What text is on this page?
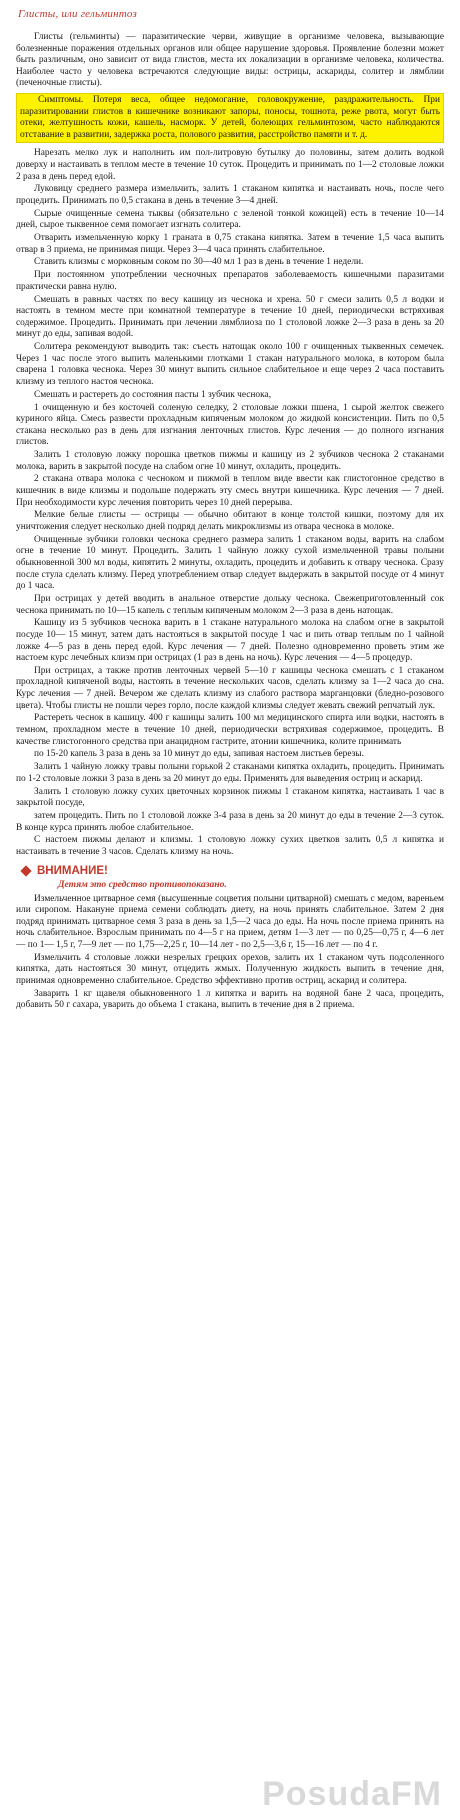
Глисты, или гельминтоз

Глисты (гельминты) — паразитические черви, живущие в организме человека, вызывающие болезненные поражения отдельных органов или общее нарушение здоровья. Проявление болезни может быть различным, оно зависит от вида глистов, места их локализации в организме человека, количества. Наиболее часто у человека встречаются следующие виды: острицы, аскариды, солитер и лямблии (печеночные глисты).

Симптомы. Потеря веса, общее недомогание, головокружение, раздражительность. При паразитировании глистов в кишечнике возникают запоры, поносы, тошнота, реже рвота, могут быть отеки, желтушность кожи, кашель, насморк. У детей, болеющих гельминтозом, часто наблюдаются отставание в развитии, задержка роста, полового развития, расстройство памяти и т. д.

Нарезать мелко лук и наполнить им пол-литровую бутылку до половины, затем долить водкой доверху и настаивать в теплом месте в течение 10 суток. Процедить и принимать по 1—2 столовые ложки 2 раза в день перед едой.

Луковицу среднего размера измельчить, залить 1 стаканом кипятка и настаивать ночь, после чего процедить. Принимать по 0,5 стакана в день в течение 3—4 дней.

Сырые очищенные семена тыквы (обязательно с зеленой тонкой кожицей) есть в течение 10—14 дней, сырое тыквенное семя помогает изгнать солитера.

Отварить измельченную корку 1 граната в 0,75 стакана кипятка. Затем в течение 1,5 часа выпить отвар в 3 приема, не принимая пищи. Через 3—4 часа принять слабительное.

Ставить клизмы с морковным соком по 30—40 мл 1 раз в день в течение 1 недели.

При постоянном употреблении чесночных препаратов заболеваемость кишечными паразитами практически равна нулю.

Смешать в равных частях по весу кашицу из чеснока и хрена. 50 г смеси залить 0,5 л водки и настоять в темном месте при комнатной температуре в течение 10 дней, периодически встряхивая содержимое. Процедить. Принимать при лечении лямблиоза по 1 столовой ложке 2—3 раза в день за 20 минут до еды, запивая водой.

Солитера рекомендуют выводить так: съесть натощак около 100 г очищенных тыквенных семечек. Через 1 час после этого выпить маленькими глотками 1 стакан натурального молока, в котором была сварена 1 головка чеснока. Через 30 минут выпить сильное слабительное и еще через 2 часа поставить клизму из теплого настоя чеснока.

Смешать и растереть до состояния пасты 1 зубчик чеснока,

1 очищенную и без косточей соленую селедку, 2 столовые ложки пшена, 1 сырой желток свежего куриного яйца. Смесь развести прохладным кипяченым молоком до жидкой консистенции. Пить по 0,5 стакана несколько раз в день для изгнания ленточных глистов. Курс лечения — до полного изгнания глистов.

Залить 1 столовую ложку порошка цветков пижмы и кашицу из 2 зубчиков чеснока 2 стаканами молока, варить в закрытой посуде на слабом огне 10 минут, охладить, процедить.

2 стакана отвара молока с чесноком и пижмой в теплом виде ввести как глистогонное средство в кишечник в виде клизмы и подольше подержать эту смесь внутри кишечника. Курс лечения — 7 дней. При необходимости курс лечения повторить через 10 дней перерыва.

Мелкие белые глисты — острицы — обычно обитают в конце толстой кишки, поэтому для их уничтожения следует несколько дней подряд делать микроклизмы из отвара чеснока в молоке.

Очищенные зубчики головки чеснока среднего размера залить 1 стаканом воды, варить на слабом огне в течение 10 минут. Процедить. Залить 1 чайную ложку сухой измельченной травы полыни обыкновенной 300 мл воды, кипятить 2 минуты, охладить, процедить и добавить к отвару чеснока. Сразу после стула сделать клизму. Перед употреблением отвар следует выдержать в закрытой посуде от 4 минут до 1 часа.

При острицах у детей вводить в анальное отверстие дольку чеснока. Свежеприготовленный сок чеснока принимать по 10—15 капель с теплым кипяченым молоком 2—3 раза в день натощак.

Кашицу из 5 зубчиков чеснока варить в 1 стакане натурального молока на слабом огне в закрытой посуде 10— 15 минут, затем дать настояться в закрытой посуде 1 час и пить отвар теплым по 1 чайной ложке 4—5 раз в день перед едой. Курс лечения — 7 дней. Полезно одновременно проветь этим же настоем курс лечебных клизм при острицах (1 раз в день на ночь). Курс лечения — 4—5 процедур.

При острицах, а также против ленточных червей 5—10 г кашицы чеснока смешать с 1 стаканом прохладной кипяченой воды, настоять в течение нескольких часов, сделать клизму за 1—2 часа до сна. Курс лечения — 7 дней. Вечером же сделать клизму из слабого раствора марганцовки (бледно-розового цвета). Чтобы глисты не пошли через горло, после каждой клизмы следует жевать свежий репчатый лук.

Растереть чеснок в кашицу. 400 г кашицы залить 100 мл медицинского спирта или водки, настоять в темном, прохладном месте в течение 10 дней, периодически встряхивая содержимое, процедить. В качестве глистогонного средства при анацидном гастрите, атонии кишечника, колите принимать

по 15-20 капель 3 раза в день за 10 минут до еды, запивая настоем листьев березы.

Залить 1 чайную ложку травы полыни горькой 2 стаканами кипятка охладить, процедить. Принимать по 1-2 столовые ложки 3 раза в день за 20 минут до еды. Применять для выведения остриц и аскарид.

Залить 1 столовую ложку сухих цветочных корзинок пижмы 1 стаканом кипятка, настаивать 1 час в закрытой посуде,

затем процедить. Пить по 1 столовой ложке 3-4 раза в день за 20 минут до еды в течение 2—3 суток. В конце курса принять любое слабительное.

С настоем пижмы делают и клизмы. 1 столовую ложку сухих цветков залить 0,5 л кипятка и настаивать в течение 3 часов. Сделать клизму на ночь.

ВНИМАНИЕ!
Детям это средство противопоказано.

Измельченное цитварное семя (высушенные соцветия полыни цитварной) смешать с медом, вареньем или сиропом. Накануне приема семени соблюдать диету, на ночь принять слабительное. Затем 2 дня подряд принимать цитварное семя 3 раза в день за 1,5—2 часа до еды. На ночь после приема принять на ночь слабительное. Взрослым принимать по 4—5 г на прием, детям 1—3 лет — по 0,25—0,75 г, 4—6 лет — по 1— 1,5 г, 7—9 лет — по 1,75—2,25 г, 10—14 лет - по 2,5—3,6 г, 15—16 лет — по 4 г.

Измельчить 4 столовые ложки незрелых грецких орехов, залить их 1 стаканом чуть подсоленного кипятка, дать настояться 30 минут, отцедить жмых. Полученную жидкость выпить в течение дня, принимая одновременно слабительное. Средство эффективно против остриц, аскарид и солитера.

Заварить 1 кг щавеля обыкновенного 1 л кипятка и варить на водяной бане 2 часа, процедить, добавить 50 г сахара, уварить до объема 1 стакана, выпить в течение дня в 2 приема.

PosudaFM
